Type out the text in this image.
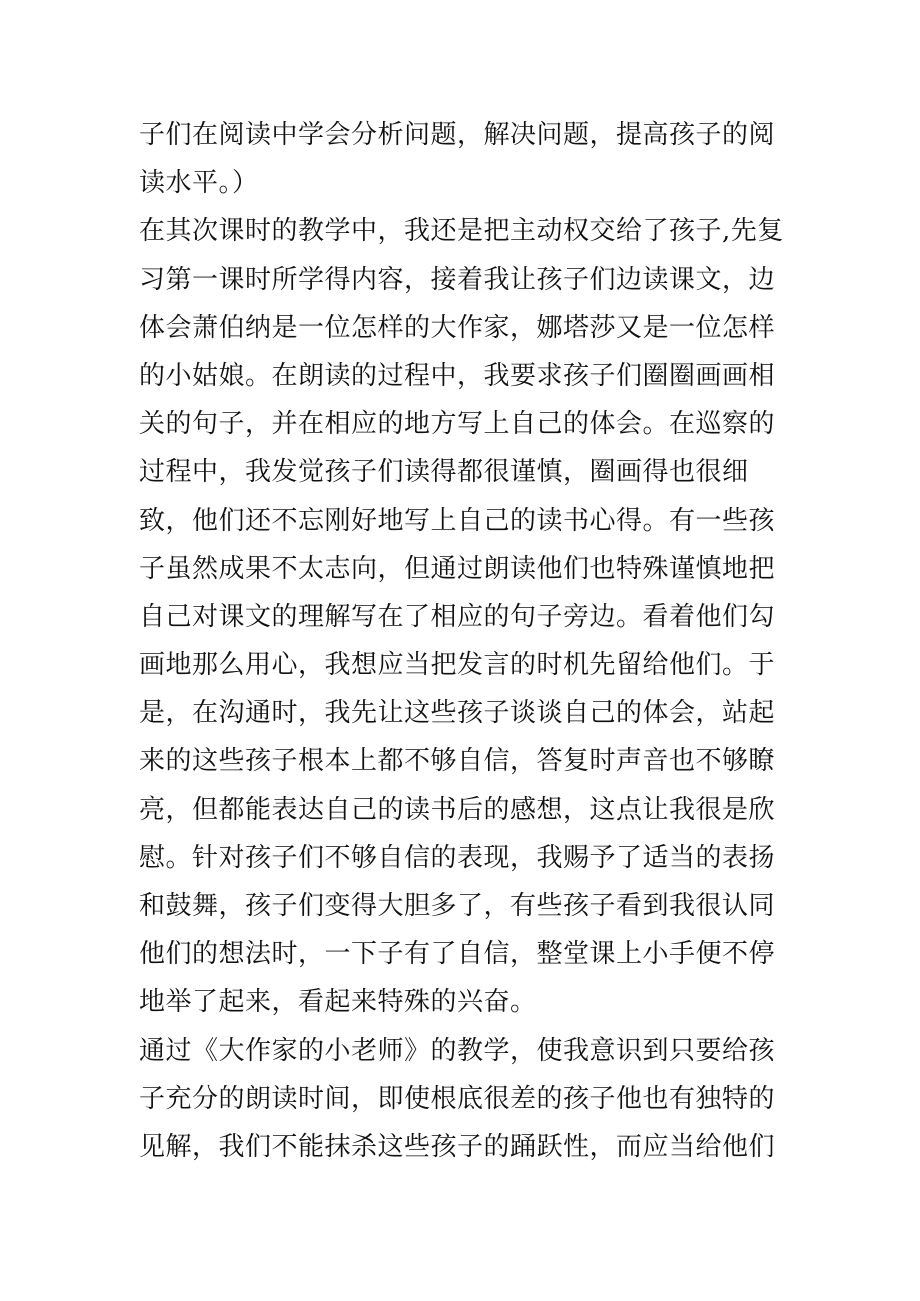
子们在阅读中学会分析问题，解决问题，提高孩子的阅
读水平。）
在其次课时的教学中，我还是把主动权交给了孩子,先复
习第一课时所学得内容，接着我让孩子们边读课文，边
体会萧伯纳是一位怎样的大作家，娜塔莎又是一位怎样
的小姑娘。在朗读的过程中，我要求孩子们圈圈画画相
关的句子，并在相应的地方写上自己的体会。在巡察的
过程中，我发觉孩子们读得都很谨慎，圈画得也很细
致，他们还不忘刚好地写上自己的读书心得。有一些孩
子虽然成果不太志向，但通过朗读他们也特殊谨慎地把
自己对课文的理解写在了相应的句子旁边。看着他们勾
画地那么用心，我想应当把发言的时机先留给他们。于
是，在沟通时，我先让这些孩子谈谈自己的体会，站起
来的这些孩子根本上都不够自信，答复时声音也不够瞭
亮，但都能表达自己的读书后的感想，这点让我很是欣
慰。针对孩子们不够自信的表现，我赐予了适当的表扬
和鼓舞，孩子们变得大胆多了，有些孩子看到我很认同
他们的想法时，一下子有了自信，整堂课上小手便不停
地举了起来，看起来特殊的兴奋。
通过《大作家的小老师》的教学，使我意识到只要给孩
子充分的朗读时间，即使根底很差的孩子他也有独特的
见解，我们不能抹杀这些孩子的踊跃性，而应当给他们
